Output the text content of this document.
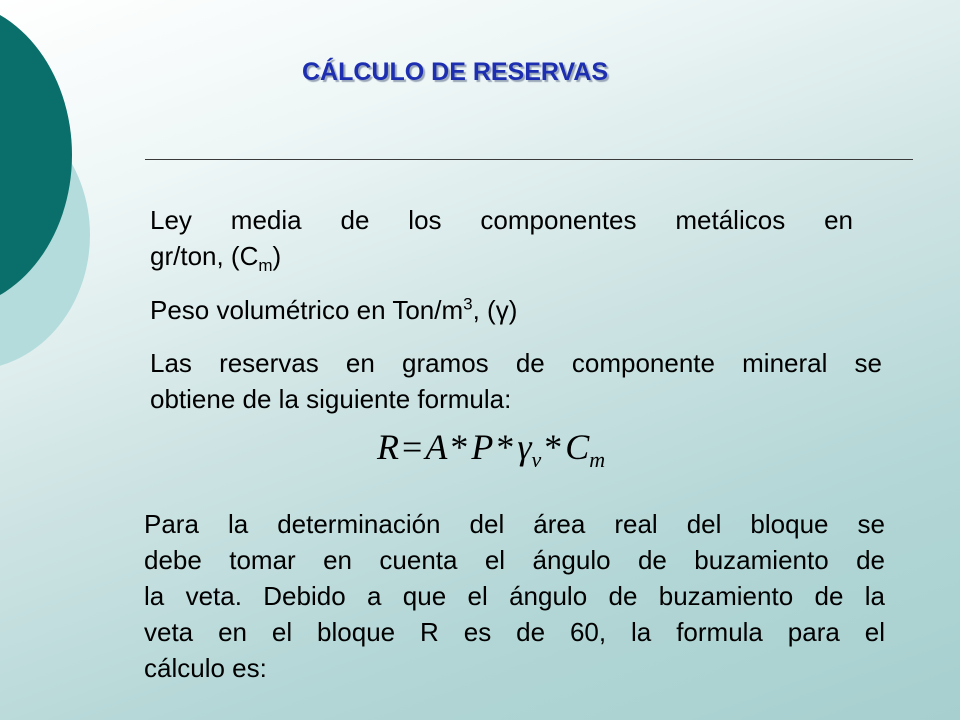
CÁLCULO DE RESERVAS
Ley media de los componentes metálicos en
gr/ton, $(C_m)$
Peso volumétrico en Ton/$m^3$, (γ)
Las reservas en gramos de componente mineral se
obtiene de la siguiente formula:
$R=A*P*\gamma_v*C_m$
Para la determinación del área real del bloque se
debe tomar en cuenta el ángulo de buzamiento de
la veta. Debido a que el ángulo de buzamiento de la
veta en el bloque R es de 60, la formula para el
cálculo es:
